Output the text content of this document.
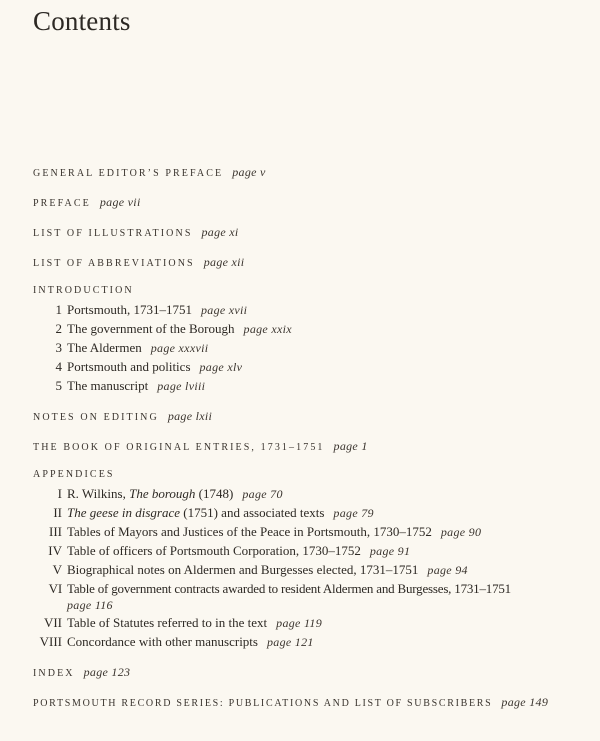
Contents
GENERAL EDITOR’S PREFACE page v
PREFACE page vii
LIST OF ILLUSTRATIONS page xi
LIST OF ABBREVIATIONS page xii
INTRODUCTION
1 Portsmouth, 1731–1751 page xvii
2 The government of the Borough page xxix
3 The Aldermen page xxxvii
4 Portsmouth and politics page xlv
5 The manuscript page lviii
NOTES ON EDITING page lxii
THE BOOK OF ORIGINAL ENTRIES, 1731–1751 page 1
APPENDICES
I R. Wilkins, The borough (1748) page 70
II The geese in disgrace (1751) and associated texts page 79
III Tables of Mayors and Justices of the Peace in Portsmouth, 1730–1752 page 90
IV Table of officers of Portsmouth Corporation, 1730–1752 page 91
V Biographical notes on Aldermen and Burgesses elected, 1731–1751 page 94
VI Table of government contracts awarded to resident Aldermen and Burgesses, 1731–1751
page 116
VII Table of Statutes referred to in the text page 119
VIII Concordance with other manuscripts page 121
INDEX page 123
PORTSMOUTH RECORD SERIES: PUBLICATIONS AND LIST OF SUBSCRIBERS page 149
